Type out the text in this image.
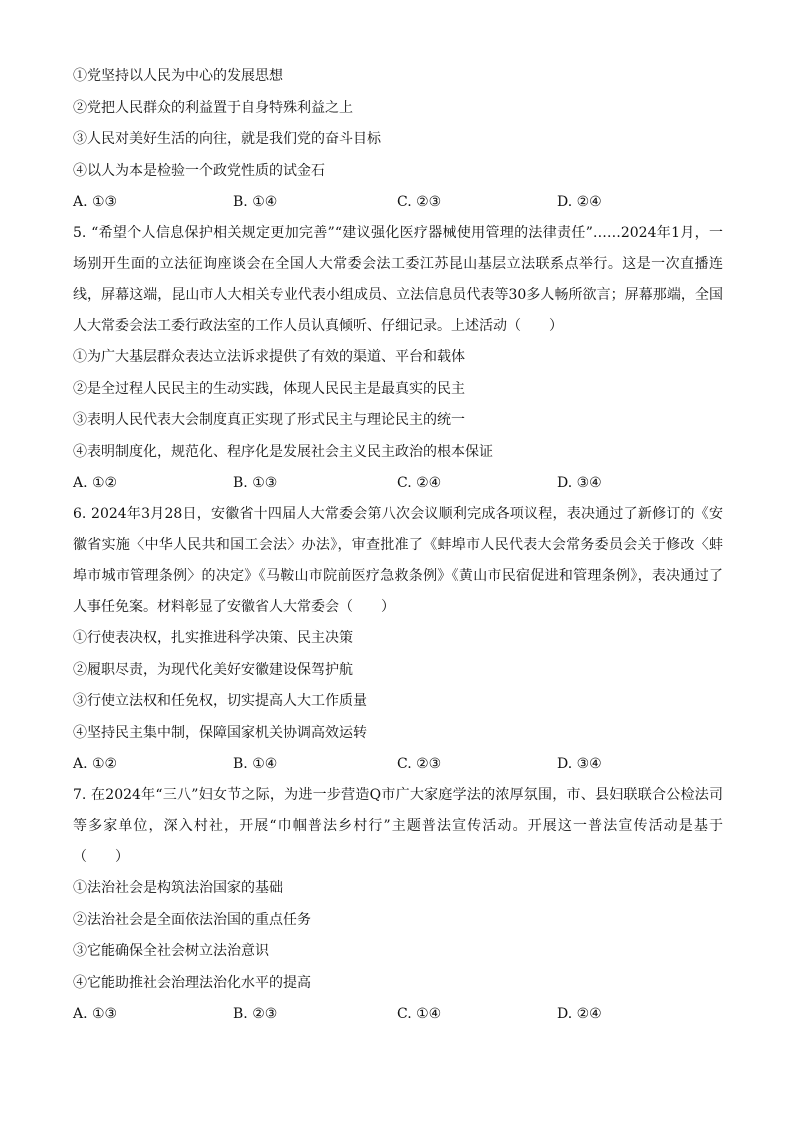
①党坚持以人民为中心的发展思想
②党把人民群众的利益置于自身特殊利益之上
③人民对美好生活的向往，就是我们党的奋斗目标
④以人为本是检验一个政党性质的试金石
A. ①③	B. ①④	C. ②③	D. ②④
5. “希望个人信息保护相关规定更加完善”“建议强化医疗器械使用管理的法律责任”……2024年1月，一场别开生面的立法征询座谈会在全国人大常委会法工委江苏昆山基层立法联系点举行。这是一次直播连线，屏幕这端，昆山市人大相关专业代表小组成员、立法信息员代表等30多人畅所欲言；屏幕那端，全国人大常委会法工委行政法室的工作人员认真倾听、仔细记录。上述活动（　　）
①为广大基层群众表达立法诉求提供了有效的渠道、平台和载体
②是全过程人民民主的生动实践，体现人民民主是最真实的民主
③表明人民代表大会制度真正实现了形式民主与理论民主的统一
④表明制度化，规范化、程序化是发展社会主义民主政治的根本保证
A. ①②	B. ①③	C. ②④	D. ③④
6. 2024年3月28日，安徽省十四届人大常委会第八次会议顺利完成各项议程，表决通过了新修订的《安徽省实施〈中华人民共和国工会法〉办法》，审查批准了《蚌埠市人民代表大会常务委员会关于修改〈蚌埠市城市管理条例〉的决定》《马鞍山市院前医疗急救条例》《黄山市民宿促进和管理条例》，表决通过了人事任免案。材料彰显了安徽省人大常委会（　　）
①行使表决权，扎实推进科学决策、民主决策
②履职尽责，为现代化美好安徽建设保驾护航
③行使立法权和任免权，切实提高人大工作质量
④坚持民主集中制，保障国家机关协调高效运转
A. ①②	B. ①④	C. ②③	D. ③④
7. 在2024年“三八”妇女节之际，为进一步营造Q市广大家庭学法的浓厚氛围，市、县妇联联合公检法司等多家单位，深入村社，开展“巾帼普法乡村行”主题普法宣传活动。开展这一普法宣传活动是基于（　　）
①法治社会是构筑法治国家的基础
②法治社会是全面依法治国的重点任务
③它能确保全社会树立法治意识
④它能助推社会治理法治化水平的提高
A. ①③	B. ②③	C. ①④	D. ②④
